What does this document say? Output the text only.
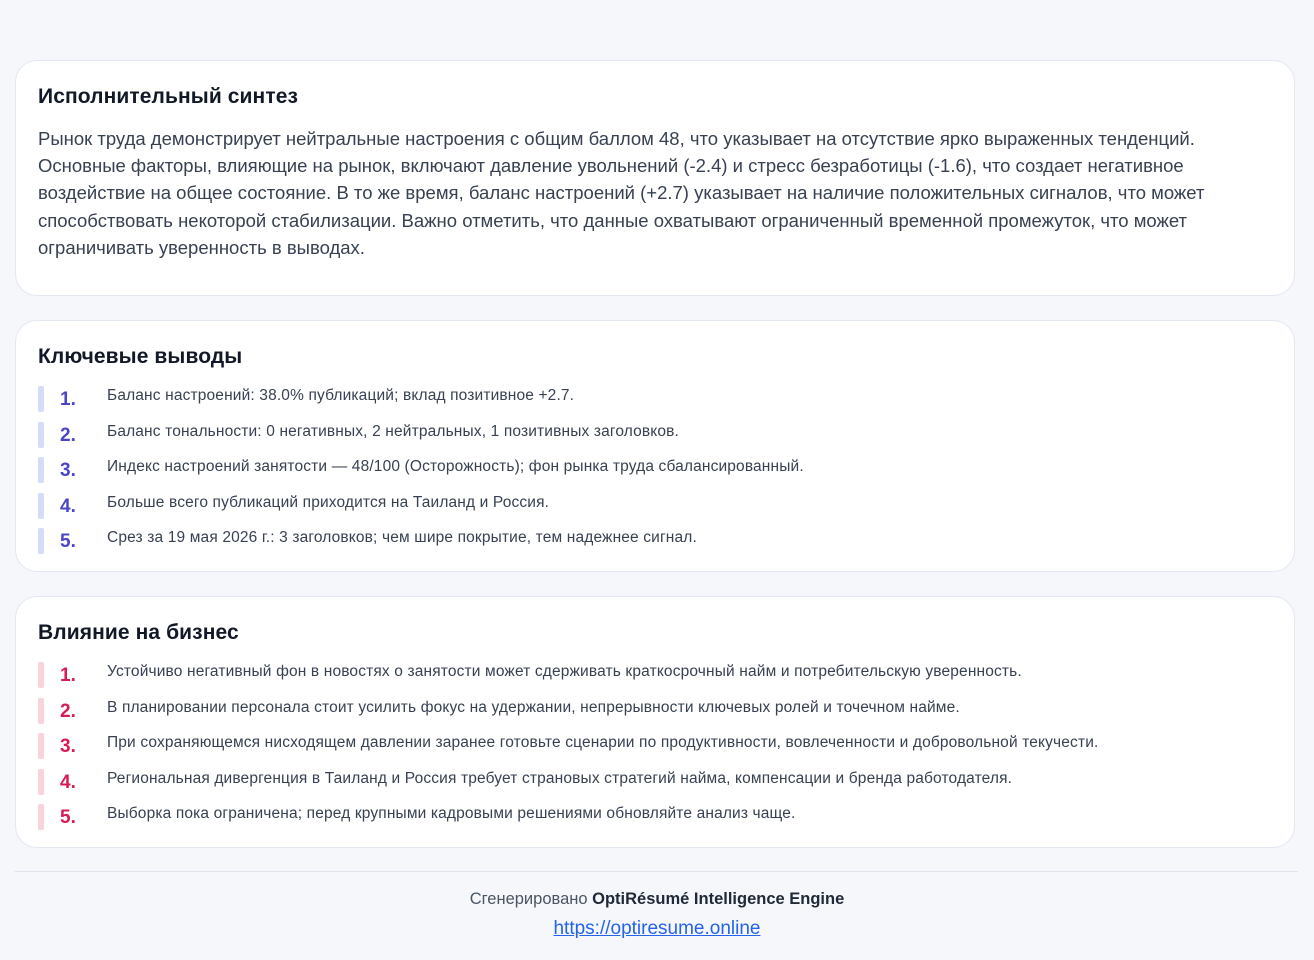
Исполнительный синтез

Рынок труда демонстрирует нейтральные настроения с общим баллом 48, что указывает на отсутствие ярко выраженных тенденций. Основные факторы, влияющие на рынок, включают давление увольнений (-2.4) и стресс безработицы (-1.6), что создает негативное воздействие на общее состояние. В то же время, баланс настроений (+2.7) указывает на наличие положительных сигналов, что может способствовать некоторой стабилизации. Важно отметить, что данные охватывают ограниченный временной промежуток, что может ограничивать уверенность в выводах.

Ключевые выводы
1.	Баланс настроений: 38.0% публикаций; вклад позитивное +2.7.
2.	Баланс тональности: 0 негативных, 2 нейтральных, 1 позитивных заголовков.
3.	Индекс настроений занятости — 48/100 (Осторожность); фон рынка труда сбалансированный.
4.	Больше всего публикаций приходится на Таиланд и Россия.
5.	Срез за 19 мая 2026 г.: 3 заголовков; чем шире покрытие, тем надежнее сигнал.
Влияние на бизнес
1.	Устойчиво негативный фон в новостях о занятости может сдерживать краткосрочный найм и потребительскую уверенность.
2.	В планировании персонала стоит усилить фокус на удержании, непрерывности ключевых ролей и точечном найме.
3.	При сохраняющемся нисходящем давлении заранее готовьте сценарии по продуктивности, вовлеченности и добровольной текучести.
4.	Региональная дивергенция в Таиланд и Россия требует страновых стратегий найма, компенсации и бренда работодателя.
5.	Выборка пока ограничена; перед крупными кадровыми решениями обновляйте анализ чаще.
Сгенерировано OptiRésumé Intelligence Engine
https://optiresume.online
